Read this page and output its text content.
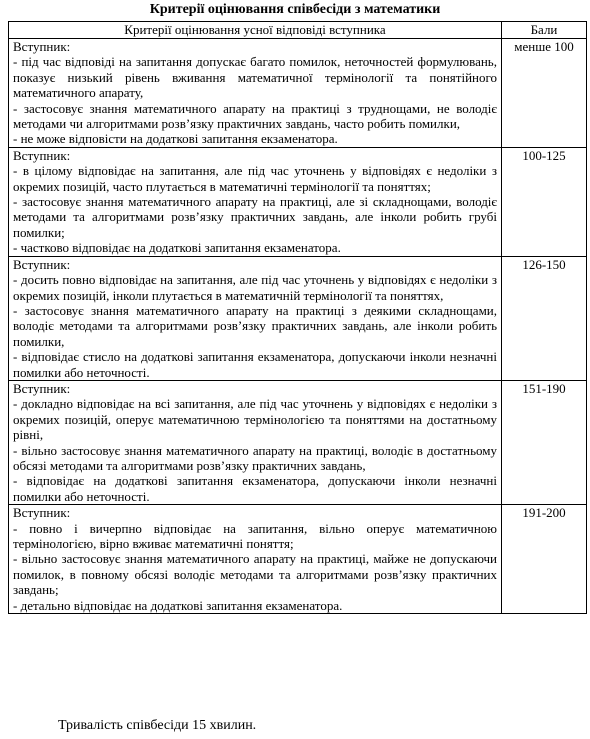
Критерії оцінювання співбесіди з математики
Критерії оцінювання усної відповіді вступника	Бали

Вступник:
- під час відповіді на запитання допускає багато помилок, неточностей формулювань, показує низький рівень вживання математичної термінології та понятійного математичного апарату,
- застосовує знання математичного апарату на практиці з труднощами, не володіє методами чи алгоритмами розв’язку практичних завдань, часто робить помилки,
- не може відповісти на додаткові запитання екзаменатора.	менше 100

Вступник:
- в цілому відповідає на запитання, але під час уточнень у відповідях є недоліки з окремих позицій, часто плутається в математичні термінології та поняттях;
- застосовує знання математичного апарату на практиці, але зі складнощами, володіє методами та алгоритмами розв’язку практичних завдань, але інколи робить грубі помилки;
- частково відповідає на додаткові запитання екзаменатора.	100-125

Вступник:
- досить повно відповідає на запитання, але під час уточнень у відповідях є недоліки з окремих позицій, інколи плутається в математичній термінології та поняттях,
- застосовує знання математичного апарату на практиці з деякими складнощами, володіє методами та алгоритмами розв’язку практичних завдань, але інколи робить помилки,
- відповідає стисло на додаткові запитання екзаменатора, допускаючи інколи незначні помилки або неточності.	126-150

Вступник:
- докладно відповідає на всі запитання, але під час уточнень у відповідях є недоліки з окремих позицій, оперує математичною термінологією та поняттями на достатньому рівні,
- вільно застосовує знання математичного апарату на практиці, володіє в достатньому обсязі методами та алгоритмами розв’язку практичних завдань,
- відповідає на додаткові запитання екзаменатора, допускаючи інколи незначні помилки або неточності.	151-190

Вступник:
- повно і вичерпно відповідає на запитання, вільно оперує математичною термінологією, вірно вживає математичні поняття;
- вільно застосовує знання математичного апарату на практиці, майже не допускаючи помилок, в повному обсязі володіє методами та алгоритмами розв’язку практичних завдань;
- детально відповідає на додаткові запитання екзаменатора.	191-200
Тривалість співбесіди 15 хвилин.
